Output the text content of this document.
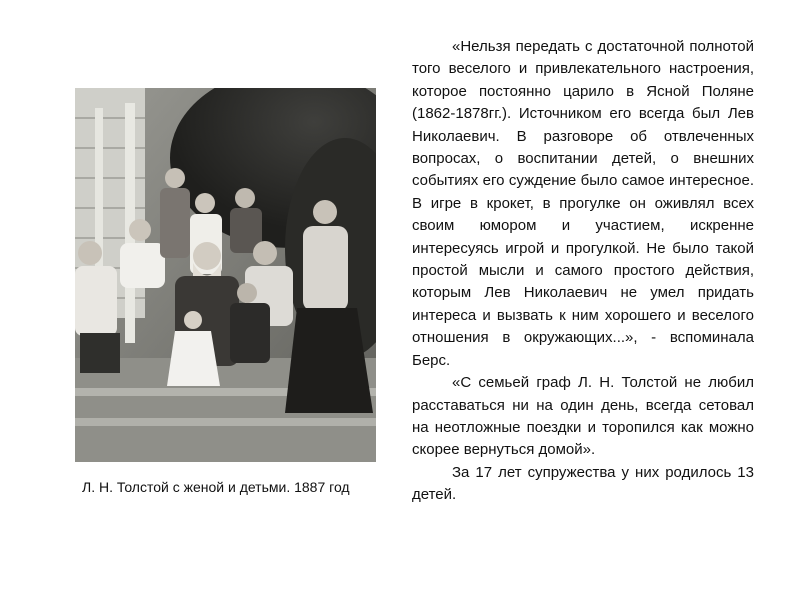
Л. Н. Толстой с женой и детьми. 1887 год

«Нельзя передать с достаточной полнотой того веселого и привлекательного настроения, которое постоянно царило в Ясной Поляне (1862-1878гг.). Источником его всегда был Лев Николаевич. В разговоре об отвлеченных вопросах, о воспитании детей, о внешних событиях его суждение было самое интересное. В игре в крокет, в прогулке он оживлял всех своим юмором и участием, искренне интересуясь игрой и прогулкой. Не было такой простой мысли и самого простого действия, которым Лев Николаевич не умел придать интереса и вызвать к ним хорошего и веселого отношения в окружающих...», - вспоминала Берс.

«С семьей граф Л. Н. Толстой не любил расставаться ни на один день, всегда сетовал на неотложные поездки и торопился как можно скорее вернуться домой».

За 17 лет супружества у них родилось 13 детей.
